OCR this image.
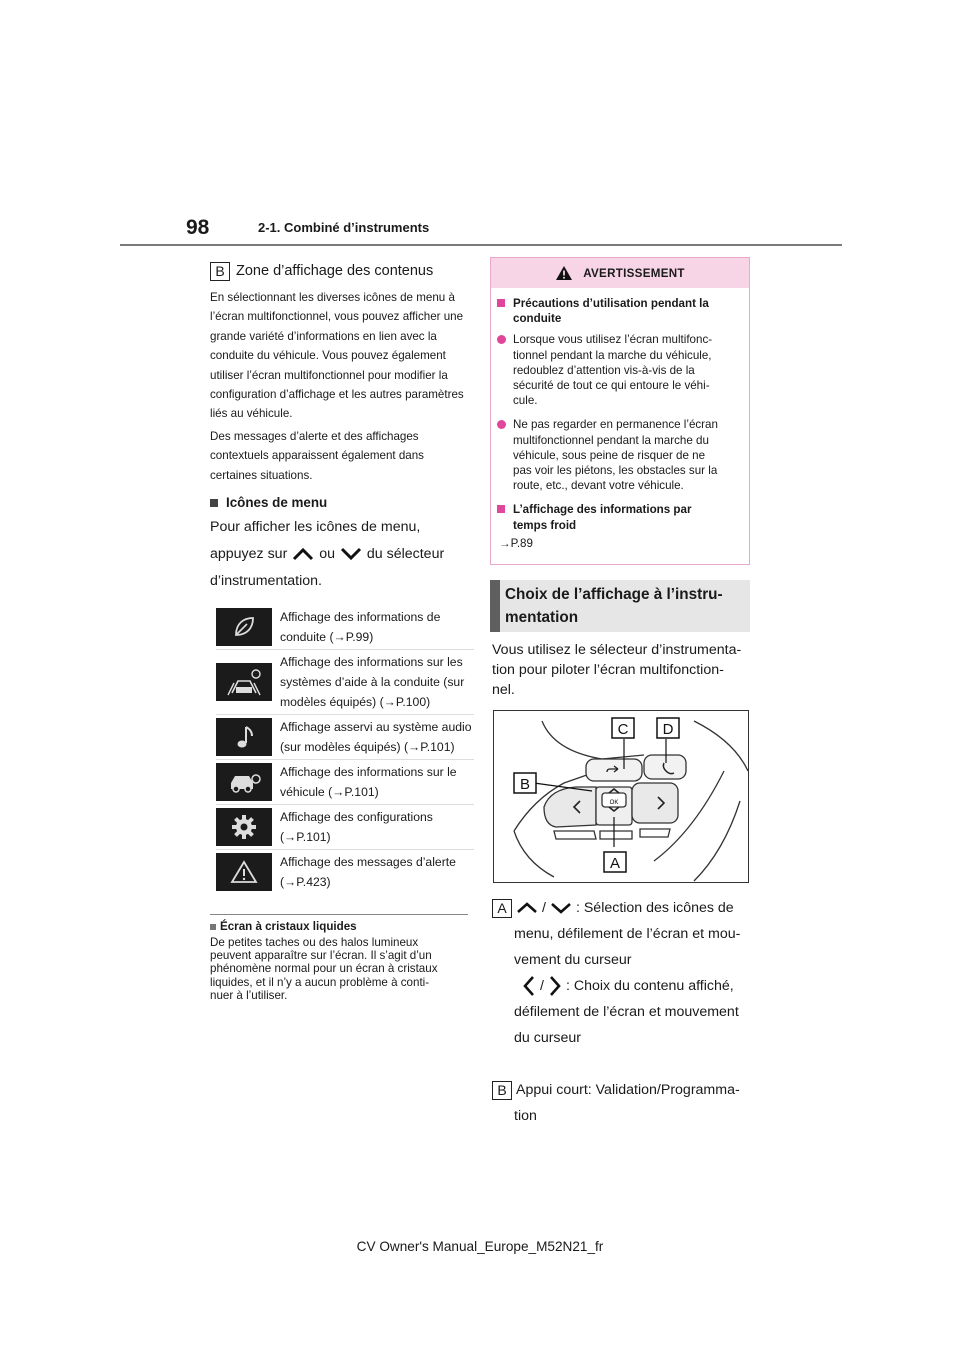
98	2-1. Combiné d’instruments
B Zone d’affichage des contenus

En sélectionnant les diverses icônes de menu à l’écran multifonctionnel, vous pouvez afficher une grande variété d’informations en lien avec la conduite du véhicule. Vous pouvez également utiliser l’écran multifonctionnel pour modifier la configuration d’affichage et les autres paramètres liés au véhicule.

Des messages d’alerte et des affichages contextuels apparaissent également dans certaines situations.

Icônes de menu
Pour afficher les icônes de menu,
appuyez sur ou du sélecteur
d’instrumentation.
Affichage des informations de conduite (→P.99)
Affichage des informations sur les systèmes d’aide à la conduite (sur modèles équipés) (→P.100)
Affichage asservi au système audio (sur modèles équipés) (→P.101)
Affichage des informations sur le véhicule (→P.101)
Affichage des configurations (→P.101)
Affichage des messages d’alerte (→P.423)
Écran à cristaux liquides
De petites taches ou des halos lumineux
peuvent apparaître sur l’écran. Il s’agit d’un
phénomène normal pour un écran à cristaux
liquides, et il n’y a aucun problème à conti-
nuer à l’utiliser.
AVERTISSEMENT
Précautions d’utilisation pendant la
conduite
Lorsque vous utilisez l’écran multifonc-
tionnel pendant la marche du véhicule,
redoublez d’attention vis-à-vis de la
sécurité de tout ce qui entoure le véhi-
cule.
Ne pas regarder en permanence l’écran
multifonctionnel pendant la marche du
véhicule, sous peine de risquer de ne
pas voir les piétons, les obstacles sur la
route, etc., devant votre véhicule.
L’affichage des informations par
temps froid
→P.89
Choix de l’affichage à l’instru-
mentation
Vous utilisez le sélecteur d’instrumenta-
tion pour piloter l’écran multifonction-
nel.
OK
C D
B
A
A	/ : Sélection des icônes de
menu, défilement de l’écran et mou-
vement du curseur
/ : Choix du contenu affiché,
défilement de l’écran et mouvement
du curseur
B Appui court: Validation/Programma-
tion
CV Owner's Manual_Europe_M52N21_fr
